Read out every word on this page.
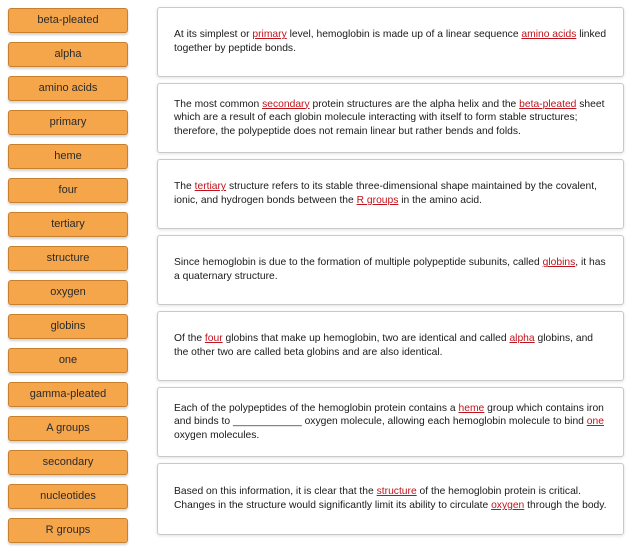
beta-pleated
alpha
amino acids
primary
heme
four
tertiary
structure
oxygen
globins
one
gamma-pleated
A groups
secondary
nucleotides
R groups

At its simplest or primary level, hemoglobin is made up of a linear sequence amino acids linked together by peptide bonds.

The most common secondary protein structures are the alpha helix and the beta-pleated sheet which are a result of each globin molecule interacting with itself to form stable structures; therefore, the polypeptide does not remain linear but rather bends and folds.

The tertiary structure refers to its stable three-dimensional shape maintained by the covalent, ionic, and hydrogen bonds between the R groups in the amino acid.

Since hemoglobin is due to the formation of multiple polypeptide subunits, called globins, it has a quaternary structure.

Of the four globins that make up hemoglobin, two are identical and called alpha globins, and the other two are called beta globins and are also identical.

Each of the polypeptides of the hemoglobin protein contains a heme group which contains iron and binds to ____________ oxygen molecule, allowing each hemoglobin molecule to bind one oxygen molecules.

Based on this information, it is clear that the structure of the hemoglobin protein is critical. Changes in the structure would significantly limit its ability to circulate oxygen through the body.
